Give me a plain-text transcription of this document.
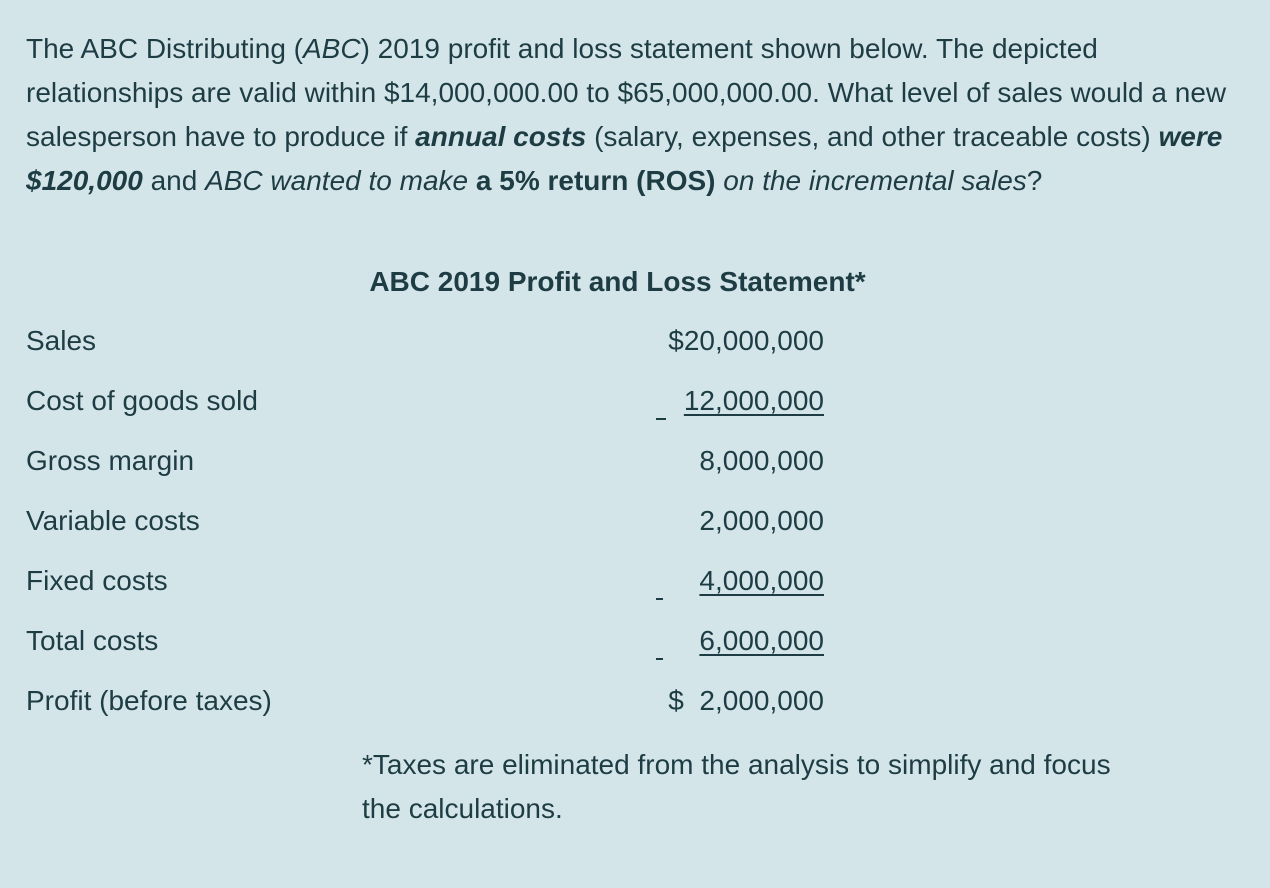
The ABC Distributing (ABC) 2019 profit and loss statement shown below. The depicted relationships are valid within $14,000,000.00 to $65,000,000.00. What level of sales would a new salesperson have to produce if annual costs (salary, expenses, and other traceable costs) were $120,000 and ABC wanted to make a 5% return (ROS) on the incremental sales?
ABC 2019 Profit and Loss Statement*
Sales	$20,000,000
Cost of goods sold	12,000,000
Gross margin	8,000,000
Variable costs	2,000,000
Fixed costs	4,000,000
Total costs	6,000,000
Profit (before taxes)	$  2,000,000
*Taxes are eliminated from the analysis to simplify and focus the calculations.
